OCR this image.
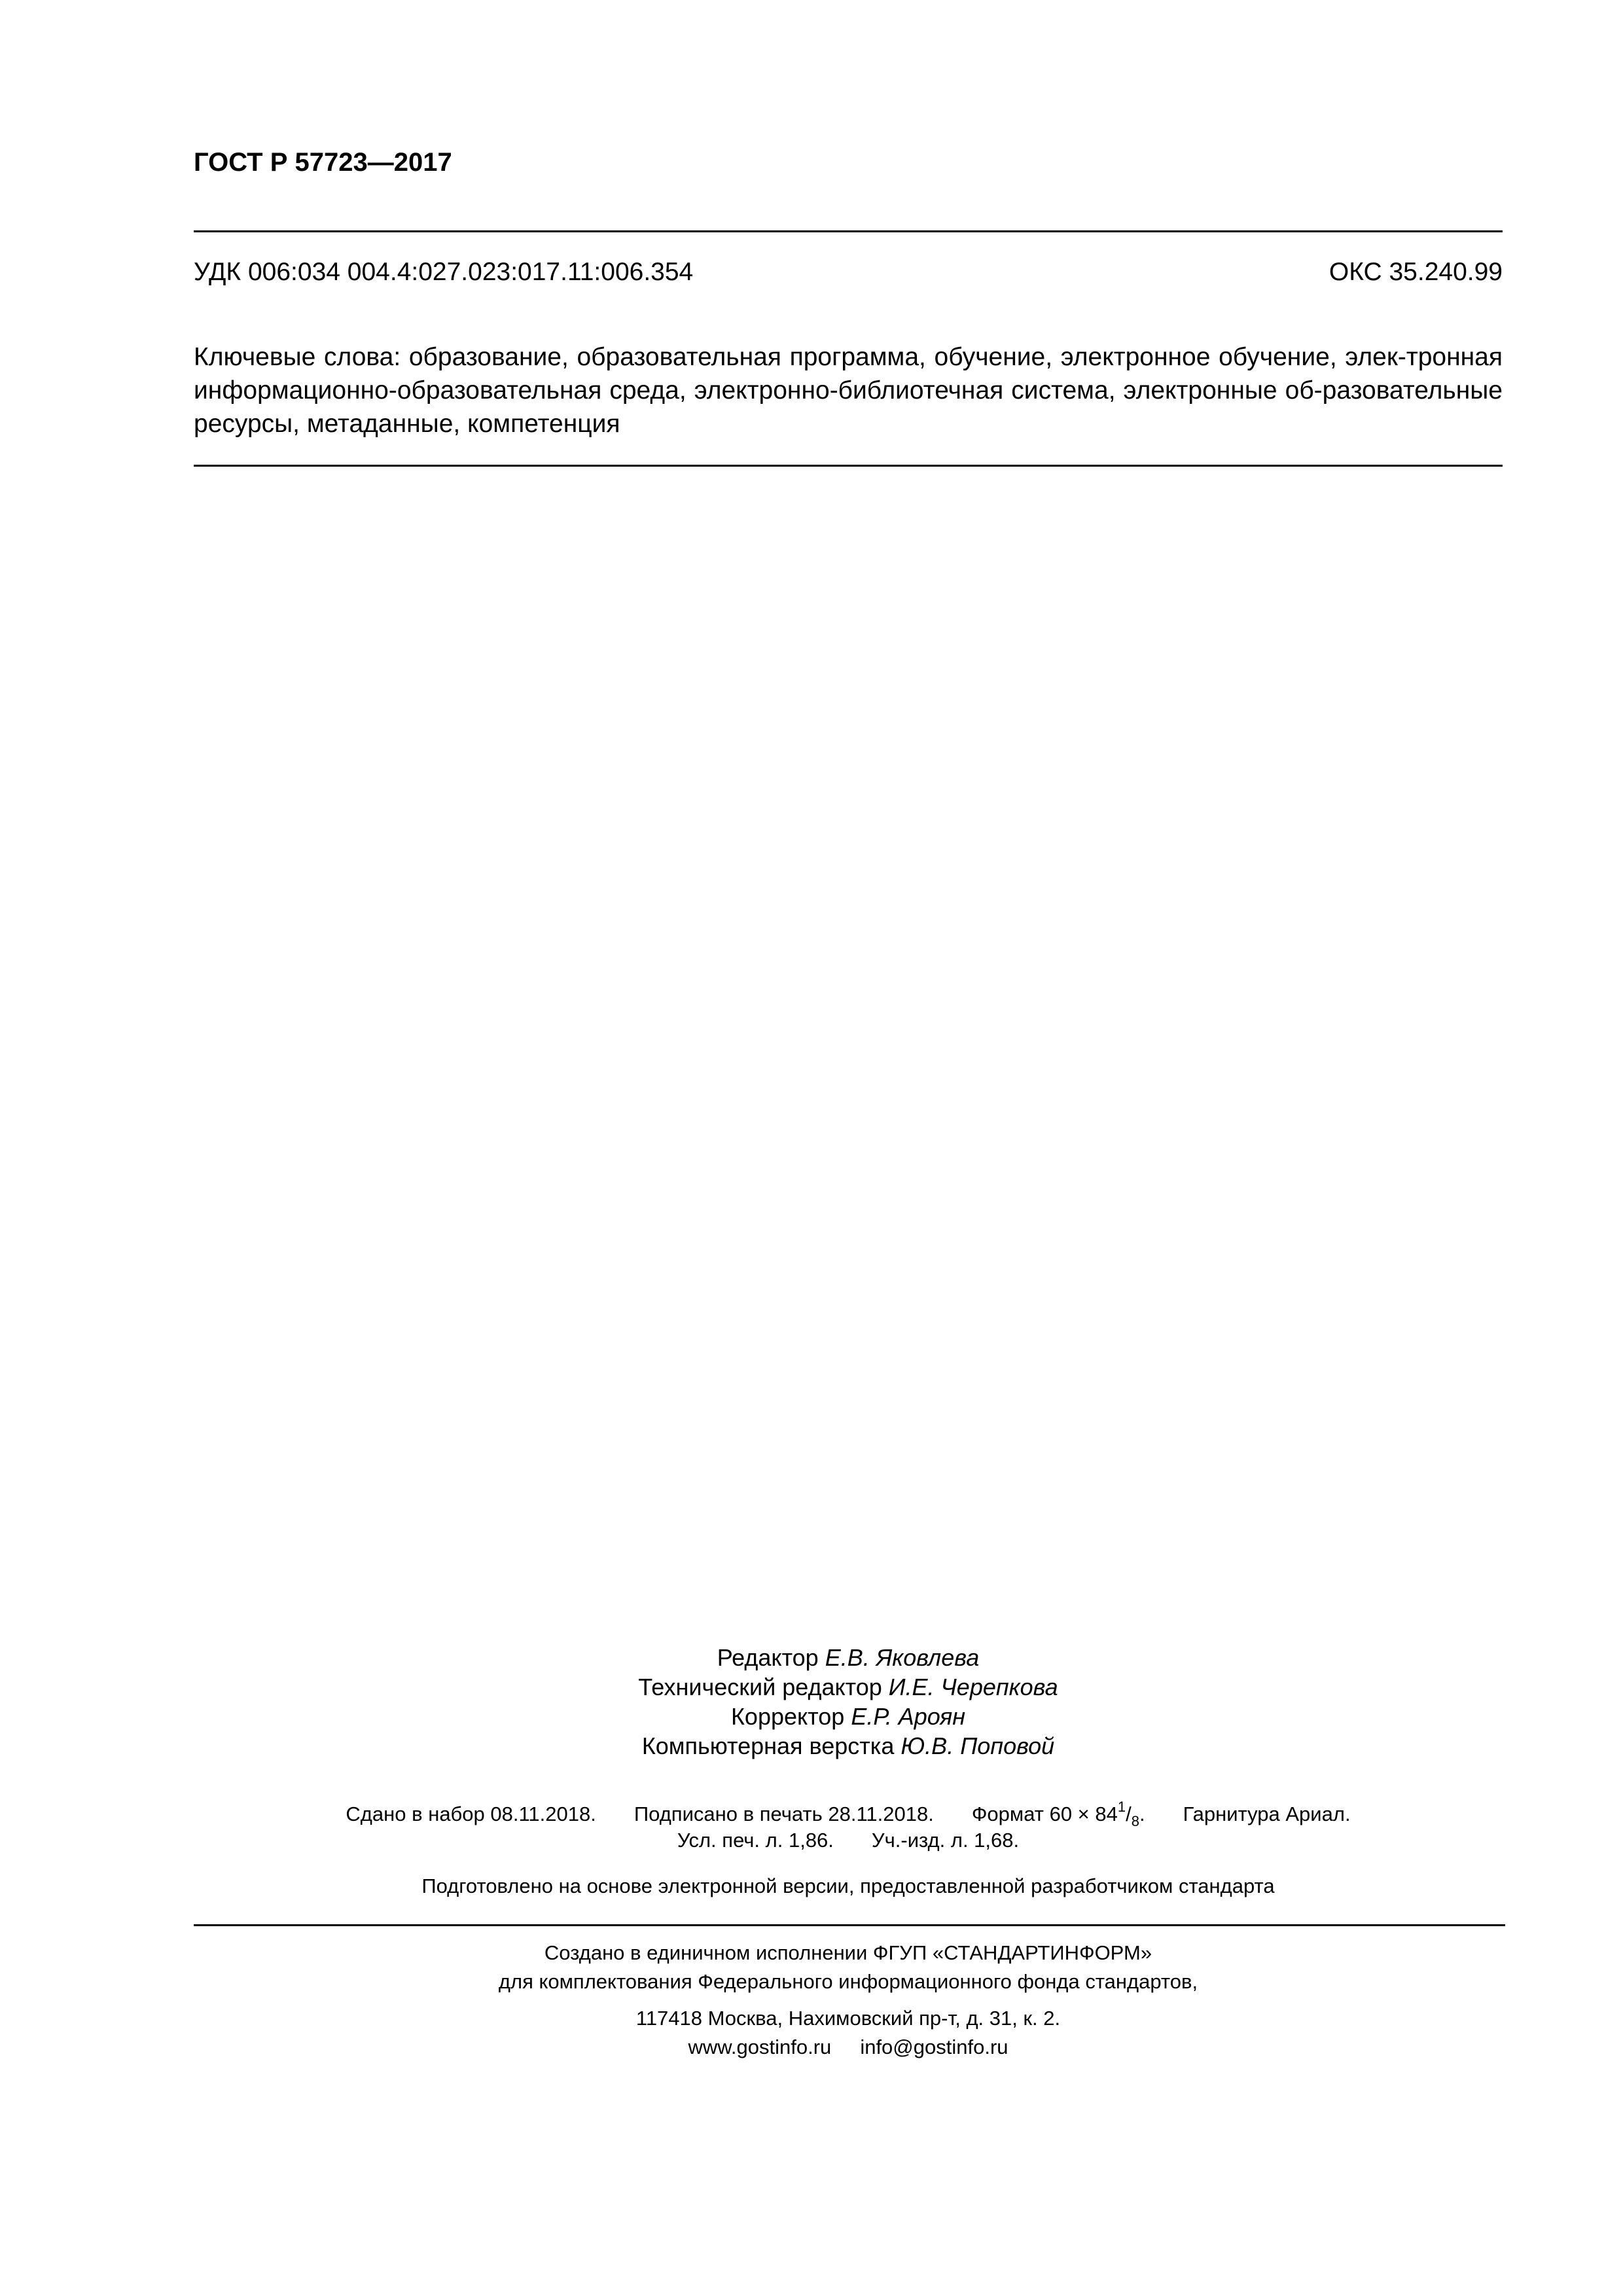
ГОСТ Р 57723—2017
УДК 006:034 004.4:027.023:017.11:006.354	ОКС 35.240.99
Ключевые слова: образование, образовательная программа, обучение, электронное обучение, элек-тронная информационно-образовательная среда, электронно-библиотечная система, электронные об-разовательные ресурсы, метаданные, компетенция
Редактор Е.В. Яковлева
Технический редактор И.Е. Черепкова
Корректор Е.Р. Ароян
Компьютерная верстка Ю.В. Поповой
Сдано в набор 08.11.2018. Подписано в печать 28.11.2018. Формат $60 \times 84^1/_8$. Гарнитура Ариал.
Усл. печ. л. 1,86. Уч.-изд. л. 1,68.
Подготовлено на основе электронной версии, предоставленной разработчиком стандарта
Создано в единичном исполнении ФГУП «СТАНДАРТИНФОРМ»
для комплектования Федерального информационного фонда стандартов,
117418 Москва, Нахимовский пр-т, д. 31, к. 2.
www.gostinfo.ru info@gostinfo.ru
